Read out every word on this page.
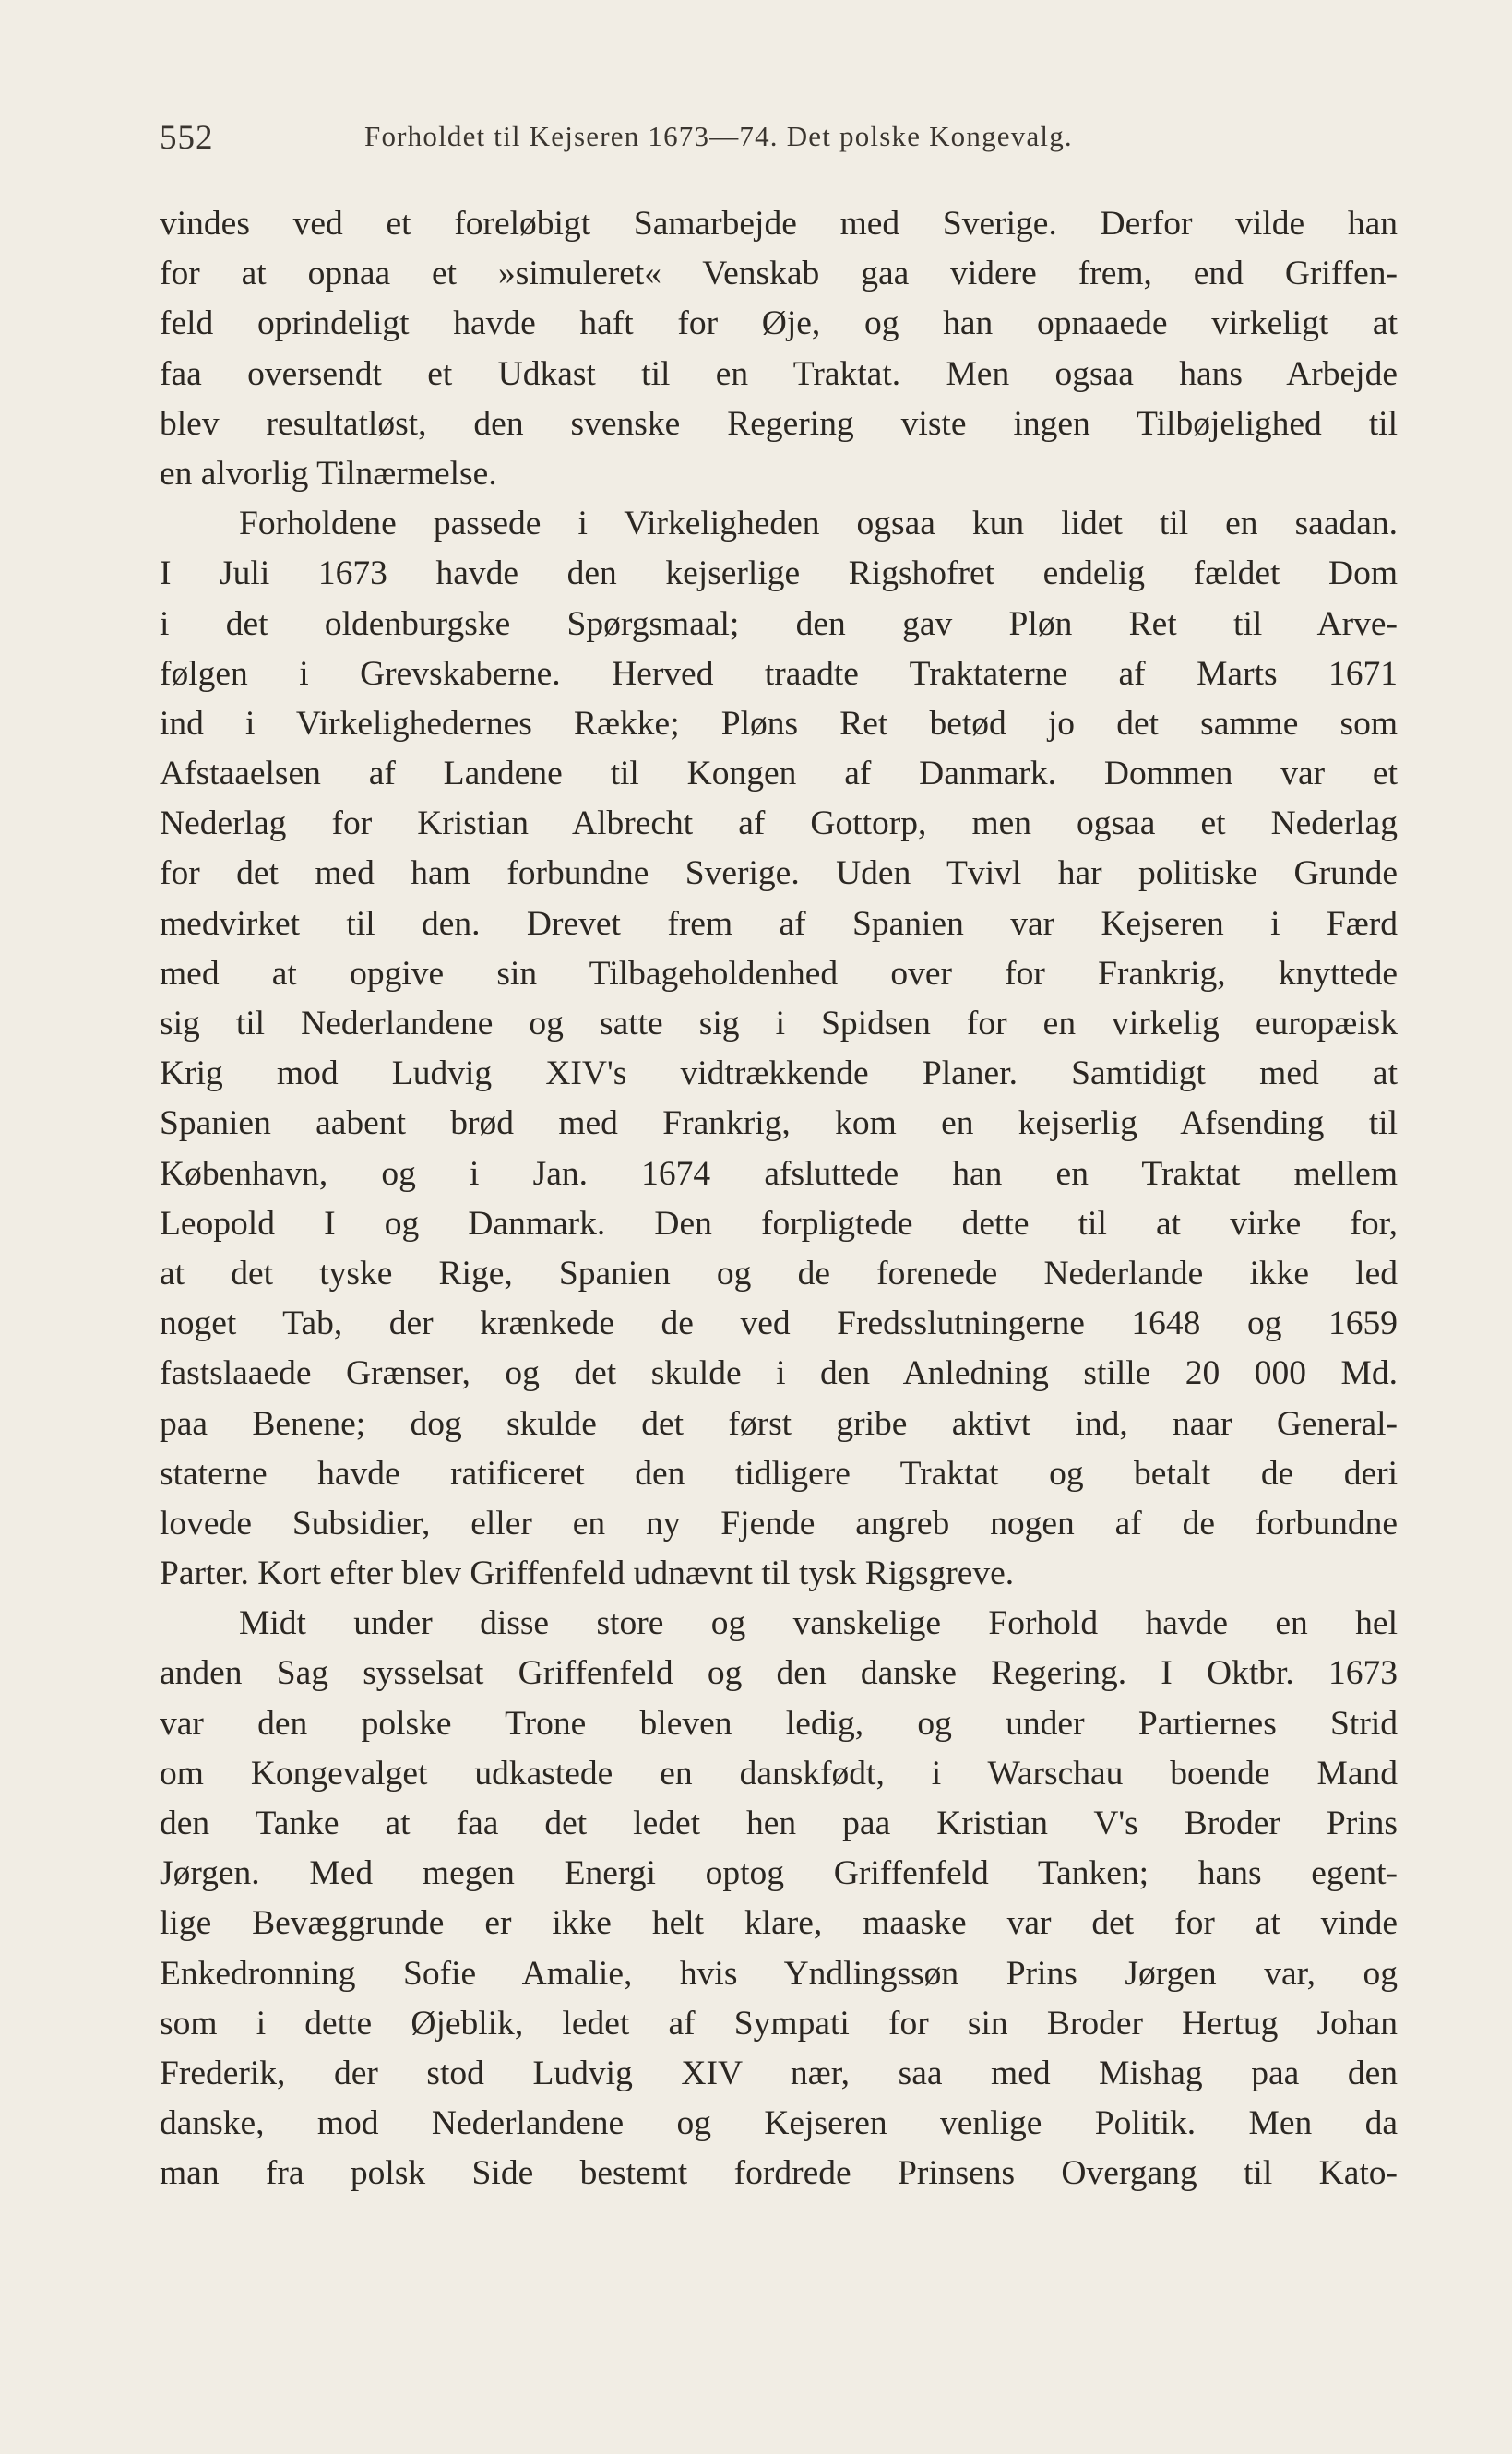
552	Forholdet til Kejseren 1673—74. Det polske Kongevalg.
vindes ved et foreløbigt Samarbejde med Sverige. Derfor vilde han
for at opnaa et »simuleret« Venskab gaa videre frem, end Griffen-
feld oprindeligt havde haft for Øje, og han opnaaede virkeligt at
faa oversendt et Udkast til en Traktat. Men ogsaa hans Arbejde
blev resultatløst, den svenske Regering viste ingen Tilbøjelighed til
en alvorlig Tilnærmelse.
Forholdene passede i Virkeligheden ogsaa kun lidet til en saadan.
I Juli 1673 havde den kejserlige Rigshofret endelig fældet Dom
i det oldenburgske Spørgsmaal; den gav Pløn Ret til Arve-
følgen i Grevskaberne. Herved traadte Traktaterne af Marts 1671
ind i Virkelighedernes Række; Pløns Ret betød jo det samme som
Afstaaelsen af Landene til Kongen af Danmark. Dommen var et
Nederlag for Kristian Albrecht af Gottorp, men ogsaa et Nederlag
for det med ham forbundne Sverige. Uden Tvivl har politiske Grunde
medvirket til den. Drevet frem af Spanien var Kejseren i Færd
med at opgive sin Tilbageholdenhed over for Frankrig, knyttede
sig til Nederlandene og satte sig i Spidsen for en virkelig europæisk
Krig mod Ludvig XIV's vidtrækkende Planer. Samtidigt med at
Spanien aabent brød med Frankrig, kom en kejserlig Afsending til
København, og i Jan. 1674 afsluttede han en Traktat mellem
Leopold I og Danmark. Den forpligtede dette til at virke for,
at det tyske Rige, Spanien og de forenede Nederlande ikke led
noget Tab, der krænkede de ved Fredsslutningerne 1648 og 1659
fastslaaede Grænser, og det skulde i den Anledning stille 20 000 Md.
paa Benene; dog skulde det først gribe aktivt ind, naar General-
staterne havde ratificeret den tidligere Traktat og betalt de deri
lovede Subsidier, eller en ny Fjende angreb nogen af de forbundne
Parter. Kort efter blev Griffenfeld udnævnt til tysk Rigsgreve.
Midt under disse store og vanskelige Forhold havde en hel
anden Sag sysselsat Griffenfeld og den danske Regering. I Oktbr. 1673
var den polske Trone bleven ledig, og under Partiernes Strid
om Kongevalget udkastede en danskfødt, i Warschau boende Mand
den Tanke at faa det ledet hen paa Kristian V's Broder Prins
Jørgen. Med megen Energi optog Griffenfeld Tanken; hans egent-
lige Bevæggrunde er ikke helt klare, maaske var det for at vinde
Enkedronning Sofie Amalie, hvis Yndlingssøn Prins Jørgen var, og
som i dette Øjeblik, ledet af Sympati for sin Broder Hertug Johan
Frederik, der stod Ludvig XIV nær, saa med Mishag paa den
danske, mod Nederlandene og Kejseren venlige Politik. Men da
man fra polsk Side bestemt fordrede Prinsens Overgang til Kato-
